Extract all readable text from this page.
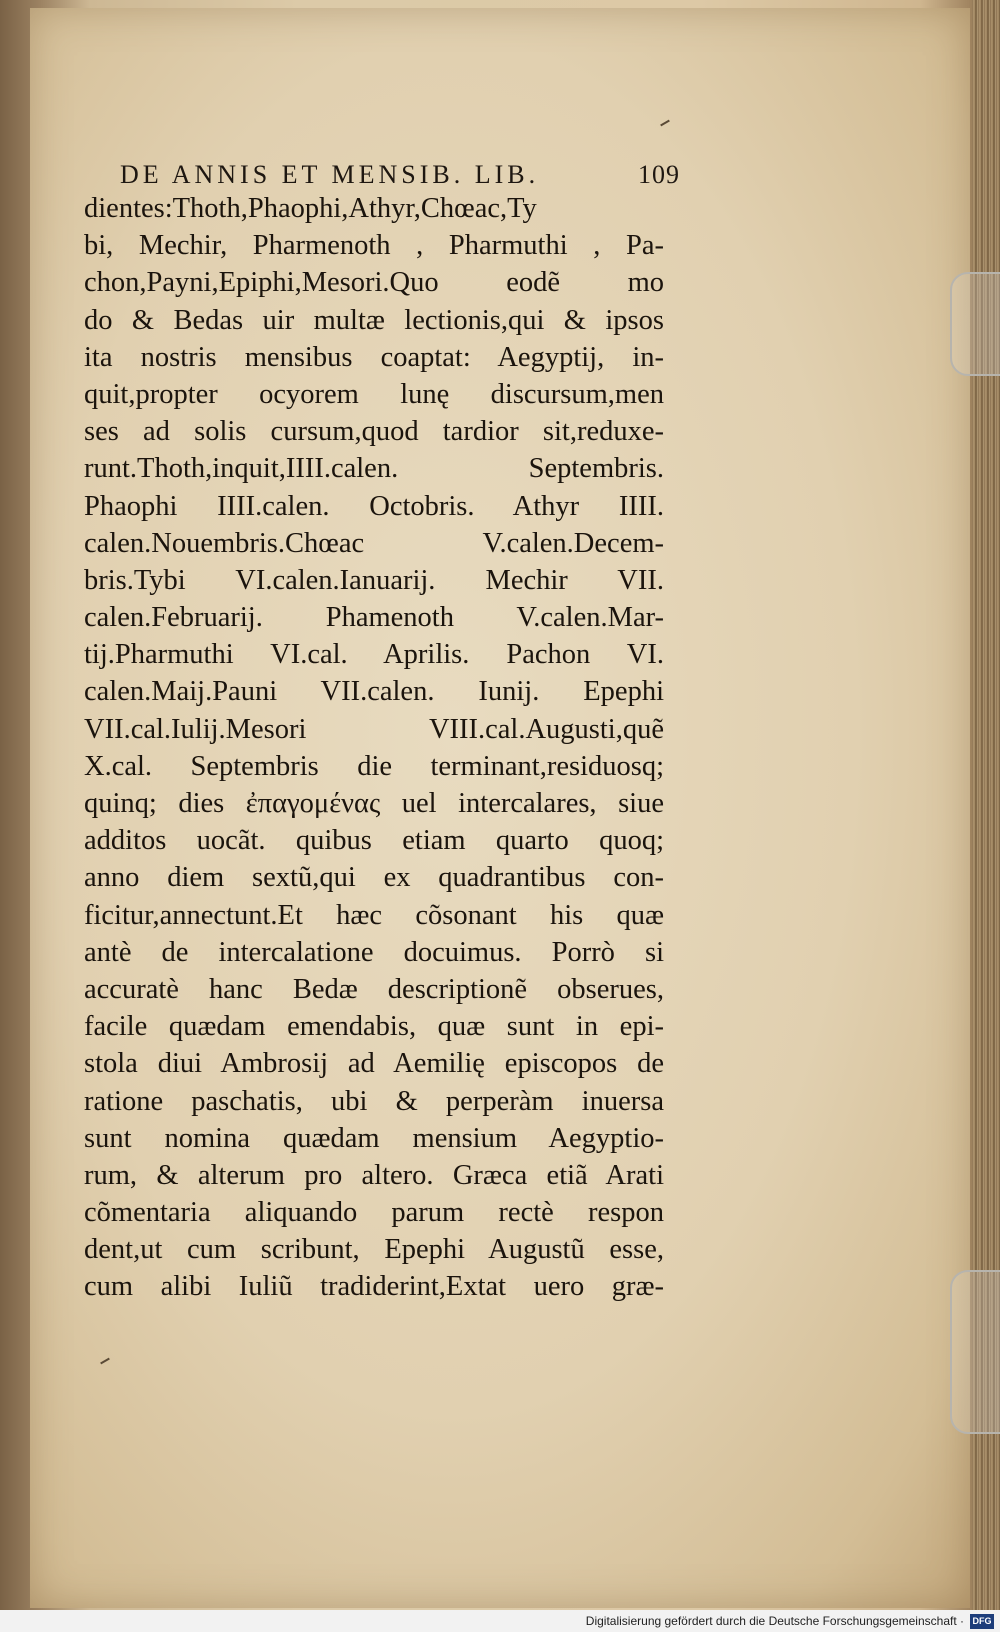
DE ANNIS ET MENSIB. LIB.	109
dientes:Thoth,Phaophi,Athyr,Chœac,Ty
bi, Mechir, Pharmenoth , Pharmuthi , Pa-
chon,Payni,Epiphi,Mesori.Quo eodẽ mo
do & Bedas uir multæ lectionis,qui & ipsos
ita nostris mensibus coaptat: Aegyptij, in-
quit,propter ocyorem lunę discursum,men
ses ad solis cursum,quod tardior sit,reduxe-
runt.Thoth,inquit,IIII.calen. Septembris.
Phaophi IIII.calen. Octobris. Athyr IIII.
calen.Nouembris.Chœac V.calen.Decem-
bris.Tybi VI.calen.Ianuarij. Mechir VII.
calen.Februarij. Phamenoth V.calen.Mar-
tij.Pharmuthi VI.cal. Aprilis. Pachon VI.
calen.Maij.Pauni VII.calen. Iunij. Epephi
VII.cal.Iulij.Mesori VIII.cal.Augusti,quẽ
X.cal. Septembris die terminant,residuosq;
quinq; dies ἐπαγομένας uel intercalares, siue
additos uocãt. quibus etiam quarto quoq;
anno diem sextũ,qui ex quadrantibus con-
ficitur,annectunt.Et hæc cõsonant his quæ
antè de intercalatione docuimus. Porrò si
accuratè hanc Bedæ descriptionẽ obserues,
facile quædam emendabis, quæ sunt in epi-
stola diui Ambrosij ad Aemilię episcopos de
ratione paschatis, ubi & perperàm inuersa
sunt nomina quædam mensium Aegyptio-
rum, & alterum pro altero. Græca etiã Arati
cõmentaria aliquando parum rectè respon
dent,ut cum scribunt, Epephi Augustũ esse,
cum alibi Iuliũ tradiderint,Extat uero græ-
Digitalisierung gefördert durch die Deutsche Forschungsgemeinschaft · DFG
